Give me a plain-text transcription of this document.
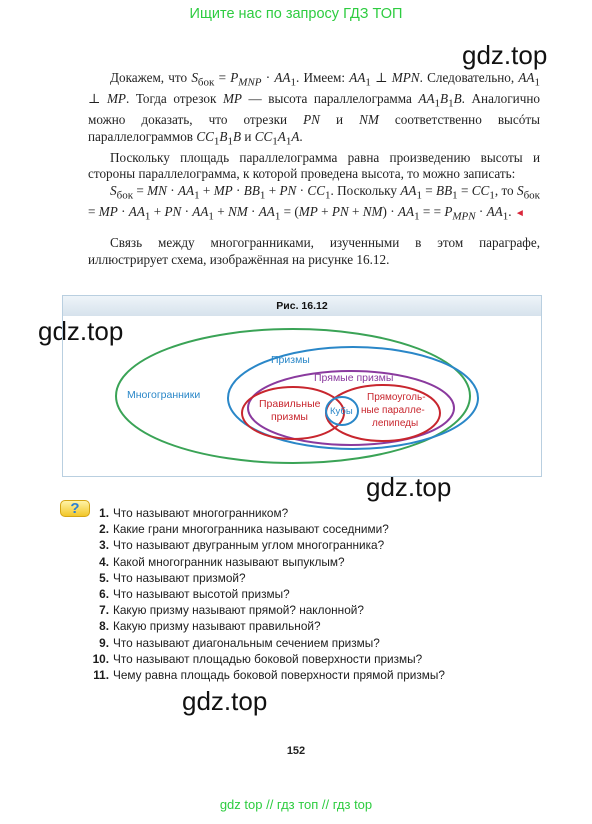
Ищите нас по запросу ГДЗ ТОП
gdz.top

Докажем, что $S_{бок} = P_{MNP} \cdot AA_1$. Имеем: $AA_1$ ⊥ MPN. Следовательно, $AA_1$ ⊥ MP. Тогда отрезок MP — высота параллелограмма $AA_1B_1B$. Аналогично можно доказать, что отрезки PN и NM соответственно высóты параллелограммов $CC_1B_1B$ и $CC_1A_1A$.

Поскольку площадь параллелограмма равна произведению высоты и стороны параллелограмма, к которой проведена высота, то можно записать:

$S_{бок}$ = MN · $AA_1$ + MP · $BB_1$ + PN · $CC_1$. Поскольку $AA_1 = BB_1 = CC_1$, то $S_{бок}$ = MP · $AA_1$ + PN · $AA_1$ + NM · $AA_1 = (MP$ + PN + $NM) \cdot AA_1$ = = $P_{MPN} \cdot AA_1$. ◄

Связь между многогранниками, изученными в этом параграфе, иллюстрирует схема, изображённая на рисунке 16.12.

gdz.top
Рис. 16.12
Многогранники
Призмы
Прямые призмы
Правильные
призмы Кубы
Прямоуголь-
ные паралле-
лепипеды
gdz.top
?	1. Что называют многогранником?
2. Какие грани многогранника называют соседними?
3. Что называют двугранным углом многогранника?
4. Какой многогранник называют выпуклым?
5. Что называют призмой?
6. Что называют высотой призмы?
7. Какую призму называют прямой? наклонной?
8. Какую призму называют правильной?
9. Что называют диагональным сечением призмы?
10. Что называют площадью боковой поверхности призмы?
11. Чему равна площадь боковой поверхности прямой призмы?
gdz.top
152
gdz top // гдз топ // гдз top
